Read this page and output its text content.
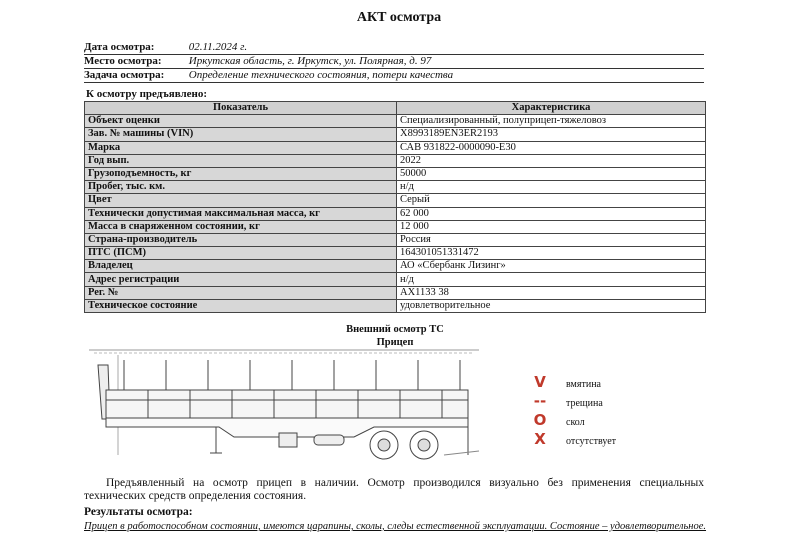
АКТ осмотра
Дата осмотра:	02.11.2024 г.
Место осмотра: Иркутская область, г. Иркутск, ул. Полярная, д. 97
Задача осмотра: Определение технического состояния, потери качества
К осмотру предъявлено:
Показатель	Характеристика
Объект оценки	Специализированный, полуприцеп-тяжеловоз
Зав. № машины (VIN)	X8993189EN3ER2193
Марка	САВ 931822-0000090-Е30
Год вып.	2022
Грузоподъемность, кг	50000
Пробег, тыс. км.	н/д
Цвет	Серый
Технически допустимая максимальная масса, кг	62 000
Масса в снаряженном состоянии, кг	12 000
Страна-производитель	Россия
ПТС (ПСМ)	164301051331472
Владелец	АО «Сбербанк Лизинг»
Адрес регистрации	н/д
Рег. №	АХ1133 38
Техническое состояние	удовлетворительное
Внешний осмотр ТС
Прицеп
V вмятина
-- трещина
O скол
X отсутствует
Предъявленный на осмотр прицеп в наличии. Осмотр производился визуально без применения специальных технических средств определения состояния.
Результаты осмотра:
Прицеп в работоспособном состоянии, имеются царапины, сколы, следы естественной эксплуатации. Состояние – удовлетворительное.
